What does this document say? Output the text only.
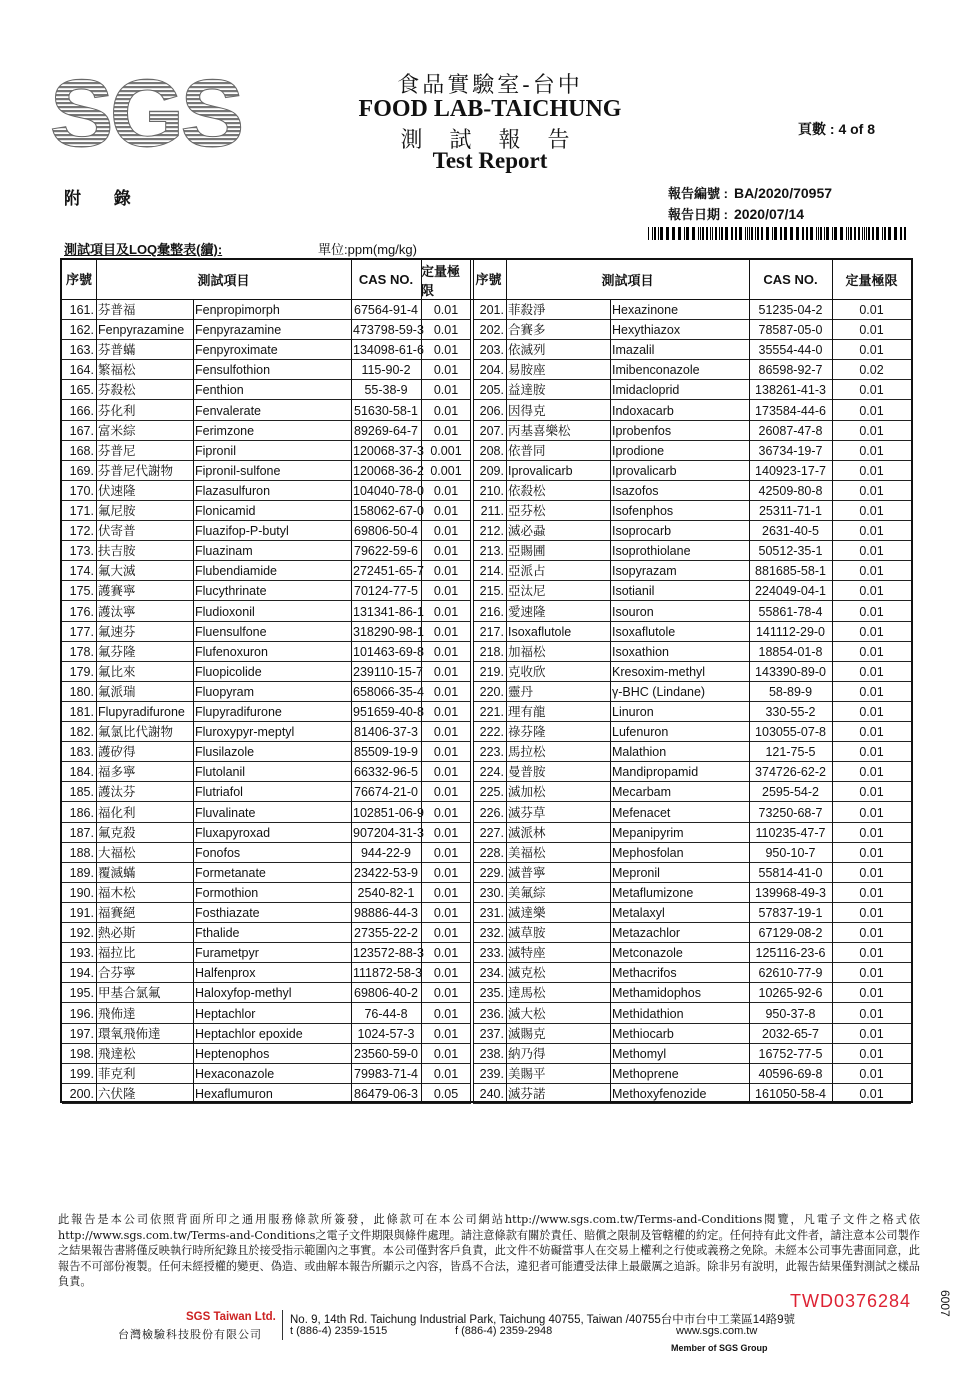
SGS	食品實驗室-台中
FOOD LAB-TAICHUNG
測 試 報 告
Test Report
頁數 : 4 of 8
附 錄	報告編號 : BA/2020/70957
報告日期 : 2020/07/14
測試項目及LOQ彙整表(續):	單位:ppm(mg/kg)
序號	測試項目	CAS NO.
定量極限
序號	測試項目	CAS NO.	定量極限
161. 芬普福	Fenpropimorph	67564-91-4	0.01
162. Fenpyrazamine Fenpyrazamine	473798-59-3 0.01
163. 芬普蟎	Fenpyroximate	134098-61-6 0.01
164. 繁福松	Fensulfothion	115-90-2	0.01
165. 芬殺松	Fenthion	55-38-9	0.01
166. 芬化利	Fenvalerate	51630-58-1	0.01
167. 富米綜	Ferimzone	89269-64-7	0.01
168. 芬普尼	Fipronil	120068-37-3 0.001
169. 芬普尼代謝物	Fipronil-sulfone	120068-36-2 0.001
170. 伏速隆	Flazasulfuron	104040-78-0 0.01
171. 氟尼胺	Flonicamid	158062-67-0 0.01
172. 伏寄普	Fluazifop-P-butyl	69806-50-4	0.01
173. 扶吉胺	Fluazinam	79622-59-6	0.01
174. 氟大滅	Flubendiamide	272451-65-7 0.01
175. 護賽寧	Flucythrinate	70124-77-5	0.01
176. 護汰寧	Fludioxonil	131341-86-1 0.01
177. 氟速芬	Fluensulfone	318290-98-1 0.01
178. 氟芬隆	Flufenoxuron	101463-69-8 0.01
179. 氟比來	Fluopicolide	239110-15-7 0.01
180. 氟派瑞	Fluopyram	658066-35-4 0.01
181. Flupyradifurone Flupyradifurone	951659-40-8 0.01
182. 氟氯比代謝物	Fluroxypyr-meptyl	81406-37-3	0.01
183. 護矽得	Flusilazole	85509-19-9	0.01
184. 福多寧	Flutolanil	66332-96-5	0.01
185. 護汰芬	Flutriafol	76674-21-0	0.01
186. 福化利	Fluvalinate	102851-06-9 0.01
187. 氟克殺	Fluxapyroxad	907204-31-3 0.01
188. 大福松	Fonofos	944-22-9	0.01
189. 覆滅蟎	Formetanate	23422-53-9	0.01
190. 福木松	Formothion	2540-82-1	0.01
191. 福賽絕	Fosthiazate	98886-44-3	0.01
192. 熱必斯	Fthalide	27355-22-2	0.01
193. 福拉比	Furametpyr	123572-88-3 0.01
194. 合芬寧	Halfenprox	111872-58-3 0.01
195. 甲基合氯氟	Haloxyfop-methyl	69806-40-2	0.01
196. 飛佈達	Heptachlor	76-44-8	0.01
197. 環氧飛佈達	Heptachlor epoxide	1024-57-3	0.01
198. 飛達松	Heptenophos	23560-59-0	0.01
199. 菲克利	Hexaconazole	79983-71-4	0.01
200. 六伏隆	Hexaflumuron	86479-06-3	0.05
201. 菲殺淨	Hexazinone	51235-04-2	0.01
202. 合賽多	Hexythiazox	78587-05-0	0.01
203. 依滅列	Imazalil	35554-44-0	0.01
204. 易胺座	Imibenconazole	86598-92-7	0.02
205. 益達胺	Imidacloprid	138261-41-3	0.01
206. 因得克	Indoxacarb	173584-44-6	0.01
207. 丙基喜樂松	Iprobenfos	26087-47-8	0.01
208. 依普同	Iprodione	36734-19-7	0.01
209. Iprovalicarb	Iprovalicarb	140923-17-7	0.01
210. 依殺松	Isazofos	42509-80-8	0.01
211. 亞芬松	Isofenphos	25311-71-1	0.01
212. 滅必蝨	Isoprocarb	2631-40-5	0.01
213. 亞賜圃	Isoprothiolane	50512-35-1	0.01
214. 亞派占	Isopyrazam	881685-58-1	0.01
215. 亞汰尼	Isotianil	224049-04-1	0.01
216. 愛速隆	Isouron	55861-78-4	0.01
217. Isoxaflutole	Isoxaflutole	141112-29-0	0.01
218. 加福松	Isoxathion	18854-01-8	0.01
219. 克收欣	Kresoxim-methyl	143390-89-0	0.01
220. 靈丹	γ-BHC (Lindane)	58-89-9	0.01
221. 理有龍	Linuron	330-55-2	0.01
222. 祿芬隆	Lufenuron	103055-07-8	0.01
223. 馬拉松	Malathion	121-75-5	0.01
224. 曼普胺	Mandipropamid	374726-62-2	0.01
225. 滅加松	Mecarbam	2595-54-2	0.01
226. 滅芬草	Mefenacet	73250-68-7	0.01
227. 滅派林	Mepanipyrim	110235-47-7	0.01
228. 美福松	Mephosfolan	950-10-7	0.01
229. 滅普寧	Mepronil	55814-41-0	0.01
230. 美氟綜	Metaflumizone	139968-49-3	0.01
231. 滅達樂	Metalaxyl	57837-19-1	0.01
232. 滅草胺	Metazachlor	67129-08-2	0.01
233. 滅特座	Metconazole	125116-23-6	0.01
234. 滅克松	Methacrifos	62610-77-9	0.01
235. 達馬松	Methamidophos	10265-92-6	0.01
236. 滅大松	Methidathion	950-37-8	0.01
237. 滅賜克	Methiocarb	2032-65-7	0.01
238. 納乃得	Methomyl	16752-77-5	0.01
239. 美賜平	Methoprene	40596-69-8	0.01
240. 滅芬諾	Methoxyfenozide	161050-58-4	0.01
此報告是本公司依照背面所印之通用服務條款所簽發，此條款可在本公司網站http://www.sgs.com.tw/Terms-and-Conditions閱覽，凡電子文件之格式依http://www.sgs.com.tw/Terms-and-Conditions之電子文件期限與條件處理。請注意條款有關於責任、賠償之限制及管轄權的約定。任何持有此文件者，請注意本公司製作之結果報告書將僅反映執行時所紀錄且於接受指示範圍內之事實。本公司僅對客戶負責，此文件不妨礙當事人在交易上權利之行使或義務之免除。未經本公司事先書面同意，此報告不可部份複製。任何未經授權的變更、偽造、或曲解本報告所顯示之內容，皆爲不合法，違犯者可能遭受法律上最嚴厲之追訴。除非另有說明，此報告結果僅對測試之樣品負責。
TWD0376284 6007
SGS Taiwan Ltd.
台灣檢驗科技股份有限公司
No. 9, 14th Rd. Taichung Industrial Park, Taichung 40755, Taiwan /40755台中市台中工業區14路9號
t (886-4) 2359-1515	f (886-4) 2359-2948	www.sgs.com.tw
Member of SGS Group
